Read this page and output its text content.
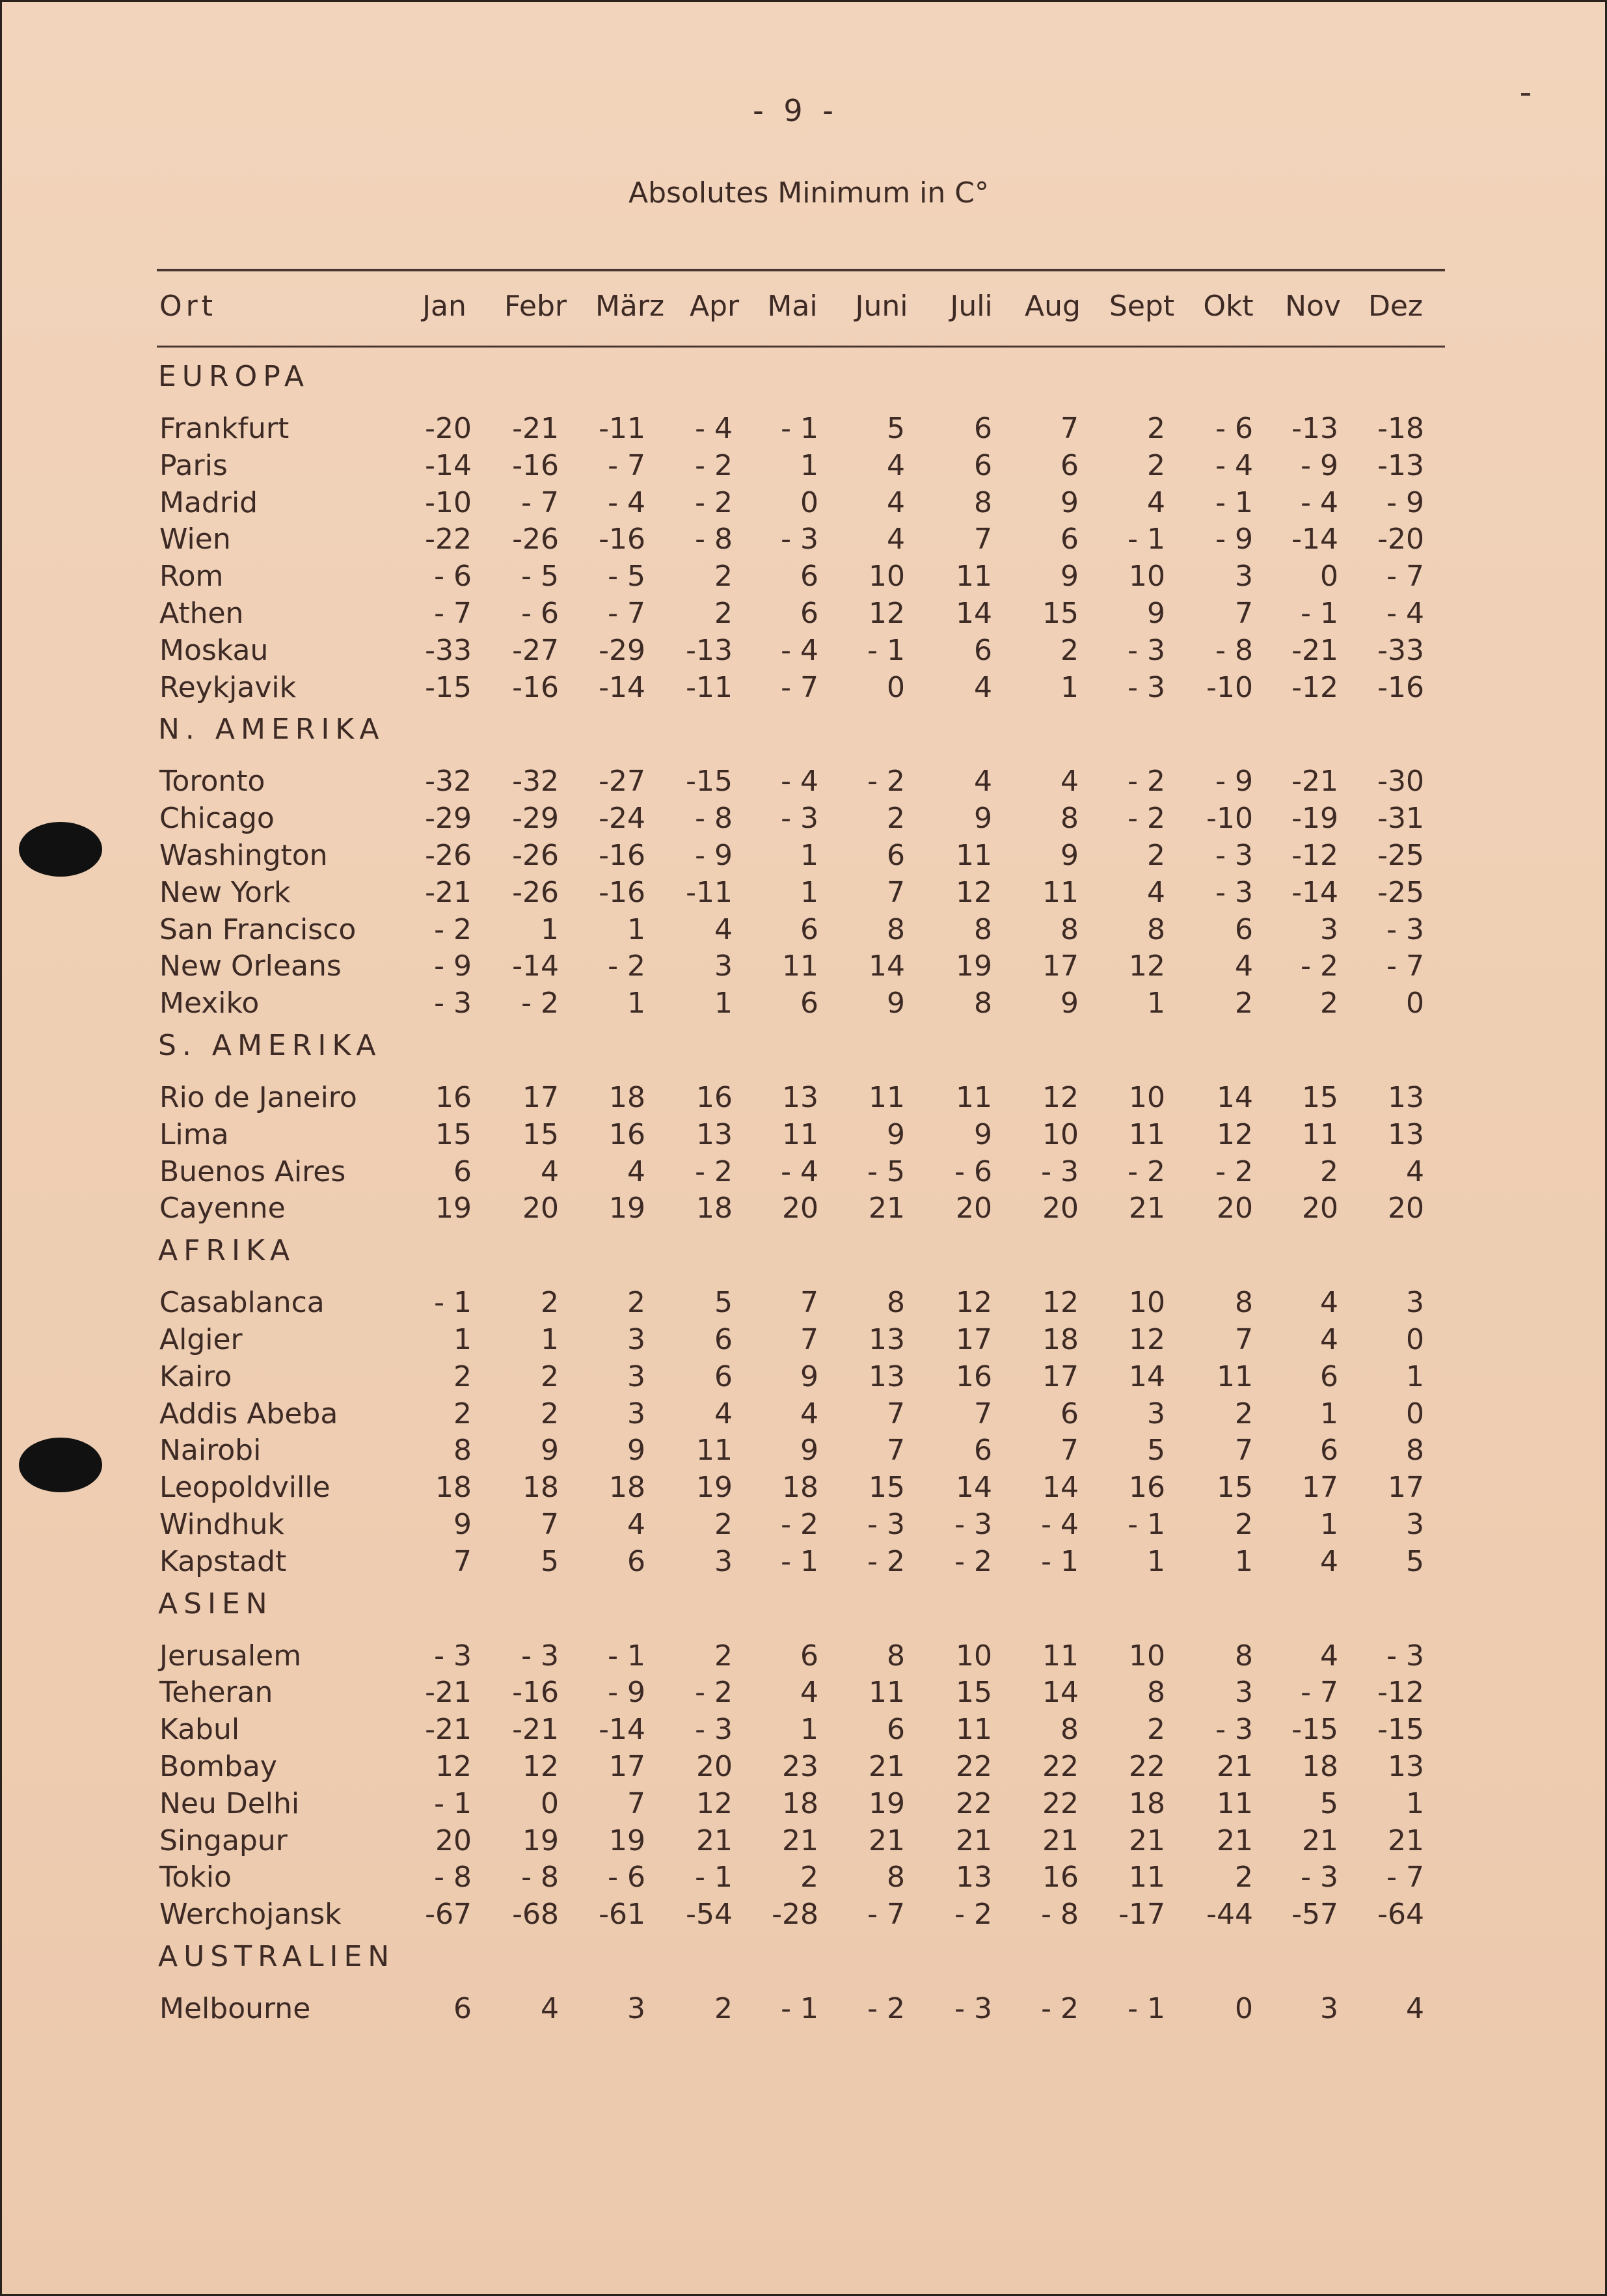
- 9 -
Absolutes Minimum in C°
Ort	Jan	Febr März Apr Mai	Juni	Juli	Aug Sept	Okt	Nov Dez
EUROPA
Frankfurt	-20	-21	-11	- 4	- 1	5	6	7	2	- 6	-13	-18
Paris	-14	-16	- 7	- 2	1	4	6	6	2	- 4	- 9	-13
Madrid	-10	- 7	- 4	- 2	0	4	8	9	4	- 1	- 4	- 9
Wien	-22	-26	-16	- 8	- 3	4	7	6	- 1	- 9	-14	-20
Rom	- 6	- 5	- 5	2	6	10	11	9	10	3	0	- 7
Athen	- 7	- 6	- 7	2	6	12	14	15	9	7	- 1	- 4
Moskau	-33	-27	-29	-13	- 4	- 1	6	2	- 3	- 8	-21	-33
Reykjavik	-15	-16	-14	-11	- 7	0	4	1	- 3	-10	-12	-16
N. AMERIKA
Toronto	-32	-32	-27	-15	- 4	- 2	4	4	- 2	- 9	-21	-30
Chicago	-29	-29	-24	- 8	- 3	2	9	8	- 2	-10	-19	-31
Washington	-26	-26	-16	- 9	1	6	11	9	2	- 3	-12	-25
New York	-21	-26	-16	-11	1	7	12	11	4	- 3	-14	-25
San Francisco	- 2	1	1	4	6	8	8	8	8	6	3	- 3
New Orleans	- 9	-14	- 2	3	11	14	19	17	12	4	- 2	- 7
Mexiko	- 3	- 2	1	1	6	9	8	9	1	2	2	0
S. AMERIKA
Rio de Janeiro	16	17	18	16	13	11	11	12	10	14	15	13
Lima	15	15	16	13	11	9	9	10	11	12	11	13
Buenos Aires	6	4	4	- 2	- 4	- 5	- 6	- 3	- 2	- 2	2	4
Cayenne	19	20	19	18	20	21	20	20	21	20	20	20
AFRIKA
Casablanca	- 1	2	2	5	7	8	12	12	10	8	4	3
Algier	1	1	3	6	7	13	17	18	12	7	4	0
Kairo	2	2	3	6	9	13	16	17	14	11	6	1
Addis Abeba	2	2	3	4	4	7	7	6	3	2	1	0
Nairobi	8	9	9	11	9	7	6	7	5	7	6	8
Leopoldville	18	18	18	19	18	15	14	14	16	15	17	17
Windhuk	9	7	4	2	- 2	- 3	- 3	- 4	- 1	2	1	3
Kapstadt	7	5	6	3	- 1	- 2	- 2	- 1	1	1	4	5
ASIEN
Jerusalem	- 3	- 3	- 1	2	6	8	10	11	10	8	4	- 3
Teheran	-21	-16	- 9	- 2	4	11	15	14	8	3	- 7	-12
Kabul	-21	-21	-14	- 3	1	6	11	8	2	- 3	-15	-15
Bombay	12	12	17	20	23	21	22	22	22	21	18	13
Neu Delhi	- 1	0	7	12	18	19	22	22	18	11	5	1
Singapur	20	19	19	21	21	21	21	21	21	21	21	21
Tokio	- 8	- 8	- 6	- 1	2	8	13	16	11	2	- 3	- 7
Werchojansk	-67	-68	-61	-54	-28	- 7	- 2	- 8	-17	-44	-57	-64
AUSTRALIEN
Melbourne	6	4	3	2	- 1	- 2	- 3	- 2	- 1	0	3	4
